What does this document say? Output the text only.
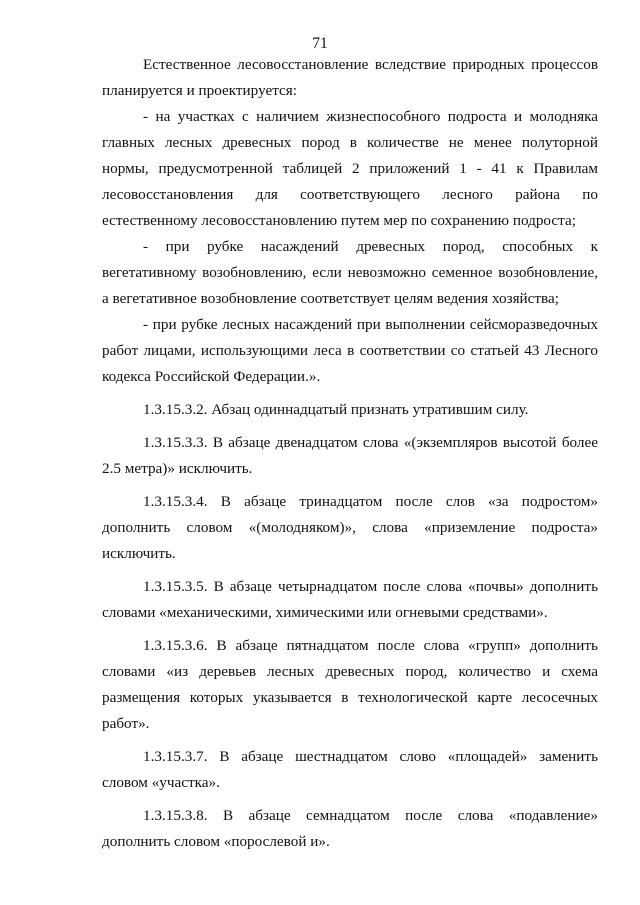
71

Естественное лесовосстановление вследствие природных процессов планируется и проектируется:

- на участках с наличием жизнеспособного подроста и молодняка главных лесных древесных пород в количестве не менее полуторной нормы, предусмотренной таблицей 2 приложений 1 - 41 к Правилам лесовосстановления для соответствующего лесного района по естественному лесовосстановлению путем мер по сохранению подроста;

- при рубке насаждений древесных пород, способных к вегетативному возобновлению, если невозможно семенное возобновление, а вегетативное возобновление соответствует целям ведения хозяйства;

- при рубке лесных насаждений при выполнении сейсморазведочных работ лицами, использующими леса в соответствии со статьей 43 Лесного кодекса Российской Федерации.».

1.3.15.3.2. Абзац одиннадцатый признать утратившим силу.

1.3.15.3.3. В абзаце двенадцатом слова «(экземпляров высотой более 2.5 метра)» исключить.

1.3.15.3.4. В абзаце тринадцатом после слов «за подростом» дополнить словом «(молодняком)», слова «приземление подроста» исключить.

1.3.15.3.5. В абзаце четырнадцатом после слова «почвы» дополнить словами «механическими, химическими или огневыми средствами».

1.3.15.3.6. В абзаце пятнадцатом после слова «групп» дополнить словами «из деревьев лесных древесных пород, количество и схема размещения которых указывается в технологической карте лесосечных работ».

1.3.15.3.7. В абзаце шестнадцатом слово «площадей» заменить словом «участка».

1.3.15.3.8. В абзаце семнадцатом после слова «подавление» дополнить словом «порослевой и».
